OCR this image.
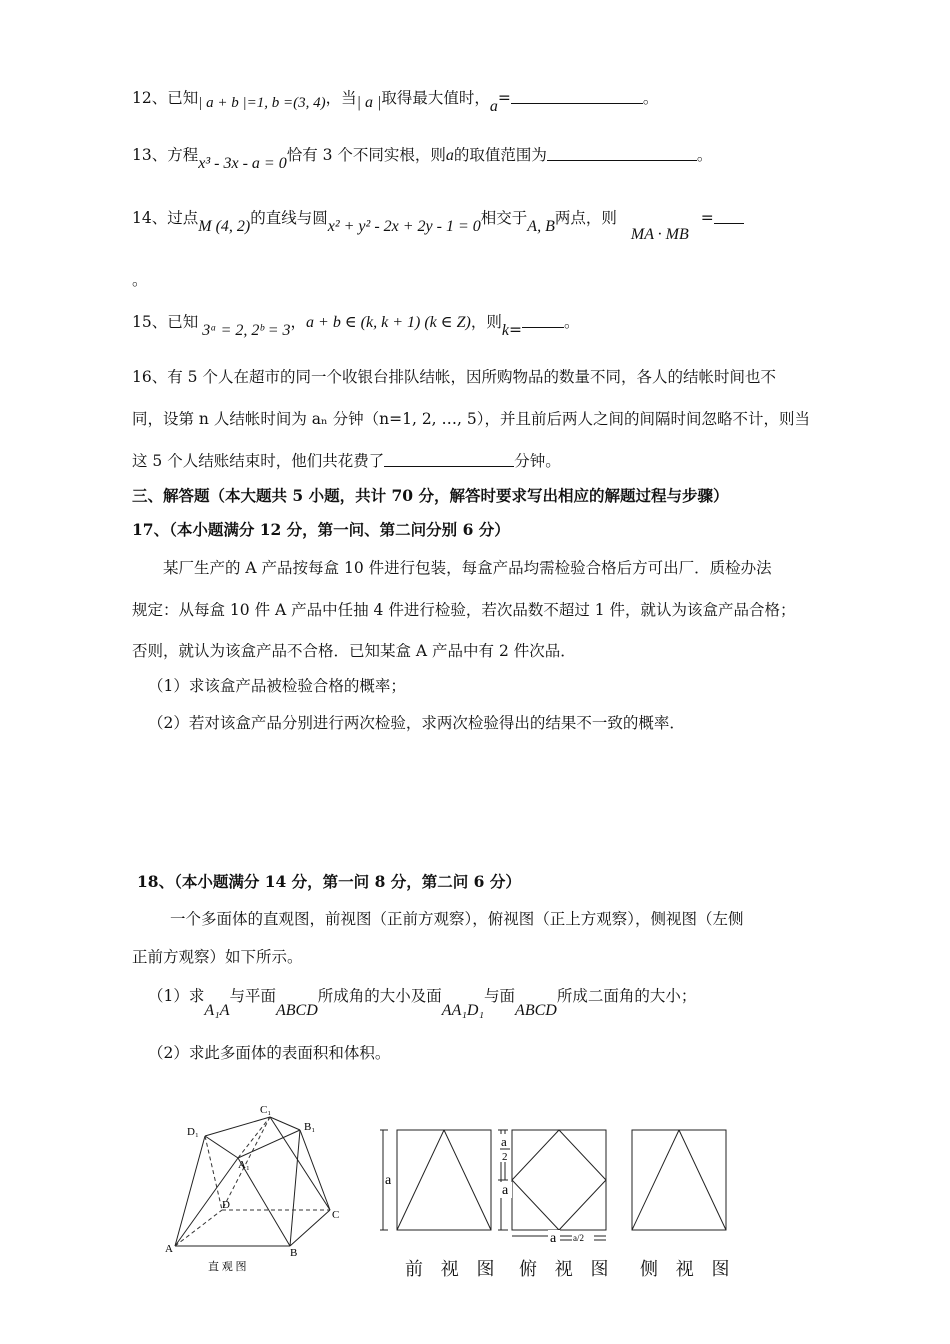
12、已知| a + b |=1, b =(3, 4)，当| a |取得最大值时，a=	。
13、方程x³ - 3x - a = 0恰有 3 个不同实根，则a的取值范围为	。
14、过点M (4, 2)的直线与圆x² + y² - 2x + 2y - 1 = 0相交于A, B两点，则MA · MB=
。
15、已知 3ᵃ = 2, 2ᵇ = 3，a + b ∈ (k, k + 1) (k ∈ Z)，则k=	。
16、有 5 个人在超市的同一个收银台排队结帐，因所购物品的数量不同，各人的结帐时间也不
同，设第 n 人结帐时间为 aₙ 分钟（n=1, 2, …, 5），并且前后两人之间的间隔时间忽略不计，则当
这 5 个人结账结束时，他们共花费了	分钟。
三、解答题（本大题共 5 小题，共计 70 分，解答时要求写出相应的解题过程与步骤）
17、（本小题满分 12 分，第一问、第二问分别 6 分）
某厂生产的 A 产品按每盒 10 件进行包装，每盒产品均需检验合格后方可出厂．质检办法
规定：从每盒 10 件 A 产品中任抽 4 件进行检验，若次品数不超过 1 件，就认为该盒产品合格；
否则，就认为该盒产品不合格．已知某盒 A 产品中有 2 件次品．
（1）求该盒产品被检验合格的概率；
（2）若对该盒产品分别进行两次检验，求两次检验得出的结果不一致的概率．
18、（本小题满分 14 分，第一问 8 分，第二问 6 分）
一个多面体的直观图，前视图（正前方观察），俯视图（正上方观察），侧视图（左侧
正前方观察）如下所示。
（1）求A₁A与平面ABCD所成角的大小及面AA₁D₁与面ABCD所成二面角的大小；
（2）求此多面体的表面积和体积。
D₁
C₁
B₁
A₁
D
C
A	B
直 观 图
a
前 视 图
a
2
a
a a/2
俯 视 图 侧 视 图
